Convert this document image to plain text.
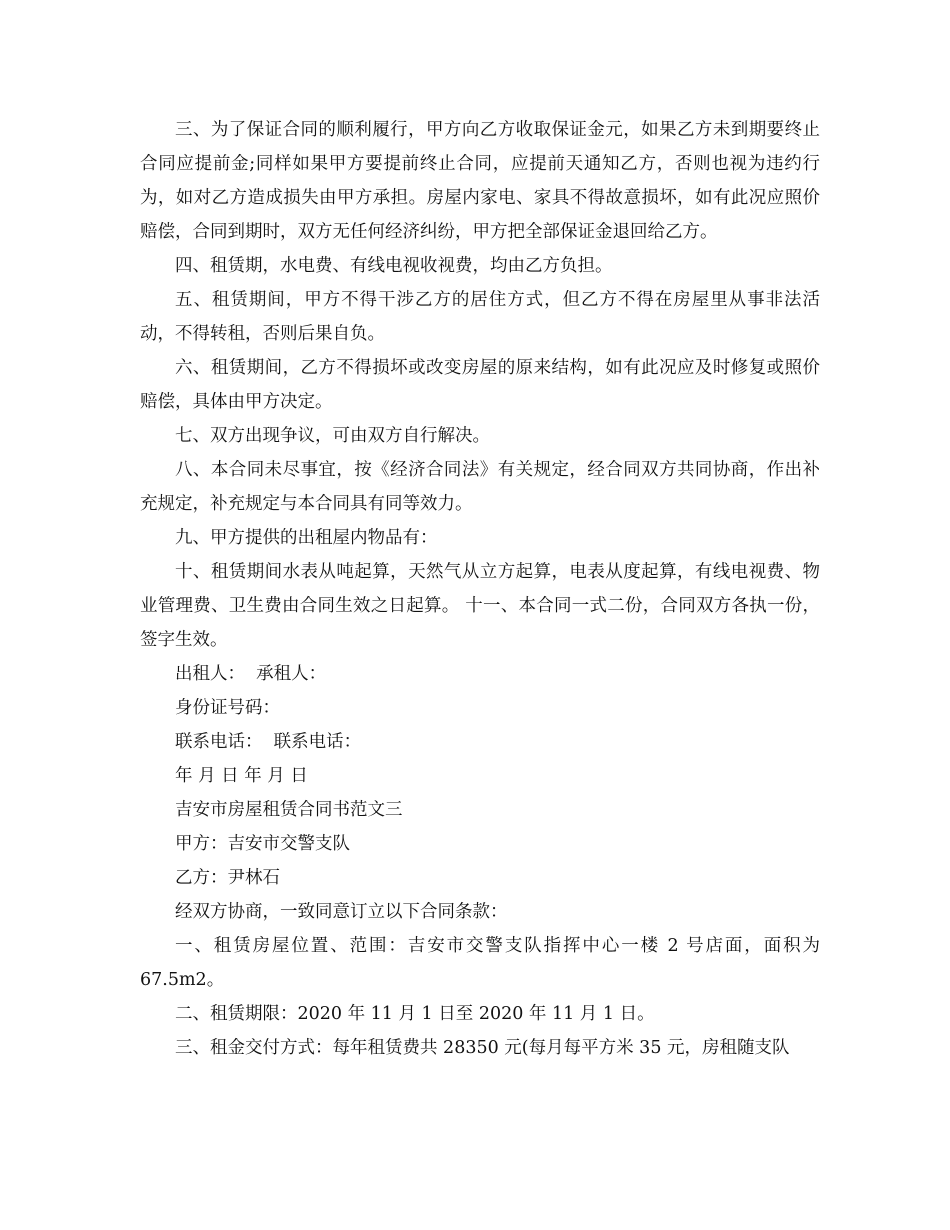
三、为了保证合同的顺利履行，甲方向乙方收取保证金元，如果乙方未到期要终止合同应提前金;同样如果甲方要提前终止合同，应提前天通知乙方，否则也视为违约行为，如对乙方造成损失由甲方承担。房屋内家电、家具不得故意损坏，如有此况应照价赔偿，合同到期时，双方无任何经济纠纷，甲方把全部保证金退回给乙方。

四、租赁期，水电费、有线电视收视费，均由乙方负担。

五、租赁期间，甲方不得干涉乙方的居住方式，但乙方不得在房屋里从事非法活动，不得转租，否则后果自负。

六、租赁期间，乙方不得损坏或改变房屋的原来结构，如有此况应及时修复或照价赔偿，具体由甲方决定。

七、双方出现争议，可由双方自行解决。

八、本合同未尽事宜，按《经济合同法》有关规定，经合同双方共同协商，作出补充规定，补充规定与本合同具有同等效力。

九、甲方提供的出租屋内物品有：

十、租赁期间水表从吨起算，天然气从立方起算，电表从度起算，有线电视费、物业管理费、卫生费由合同生效之日起算。 十一、本合同一式二份，合同双方各执一份，签字生效。

出租人：  承租人：

身份证号码：

联系电话：  联系电话：

年 月 日 年 月 日

吉安市房屋租赁合同书范文三

甲方：吉安市交警支队

乙方：尹林石

经双方协商，一致同意订立以下合同条款：

一、租赁房屋位置、范围：吉安市交警支队指挥中心一楼 2 号店面，面积为 67.5m2。

二、租赁期限：2020 年 11 月 1 日至 2020 年 11 月 1 日。

三、租金交付方式：每年租赁费共 28350 元(每月每平方米 35 元，房租随支队
